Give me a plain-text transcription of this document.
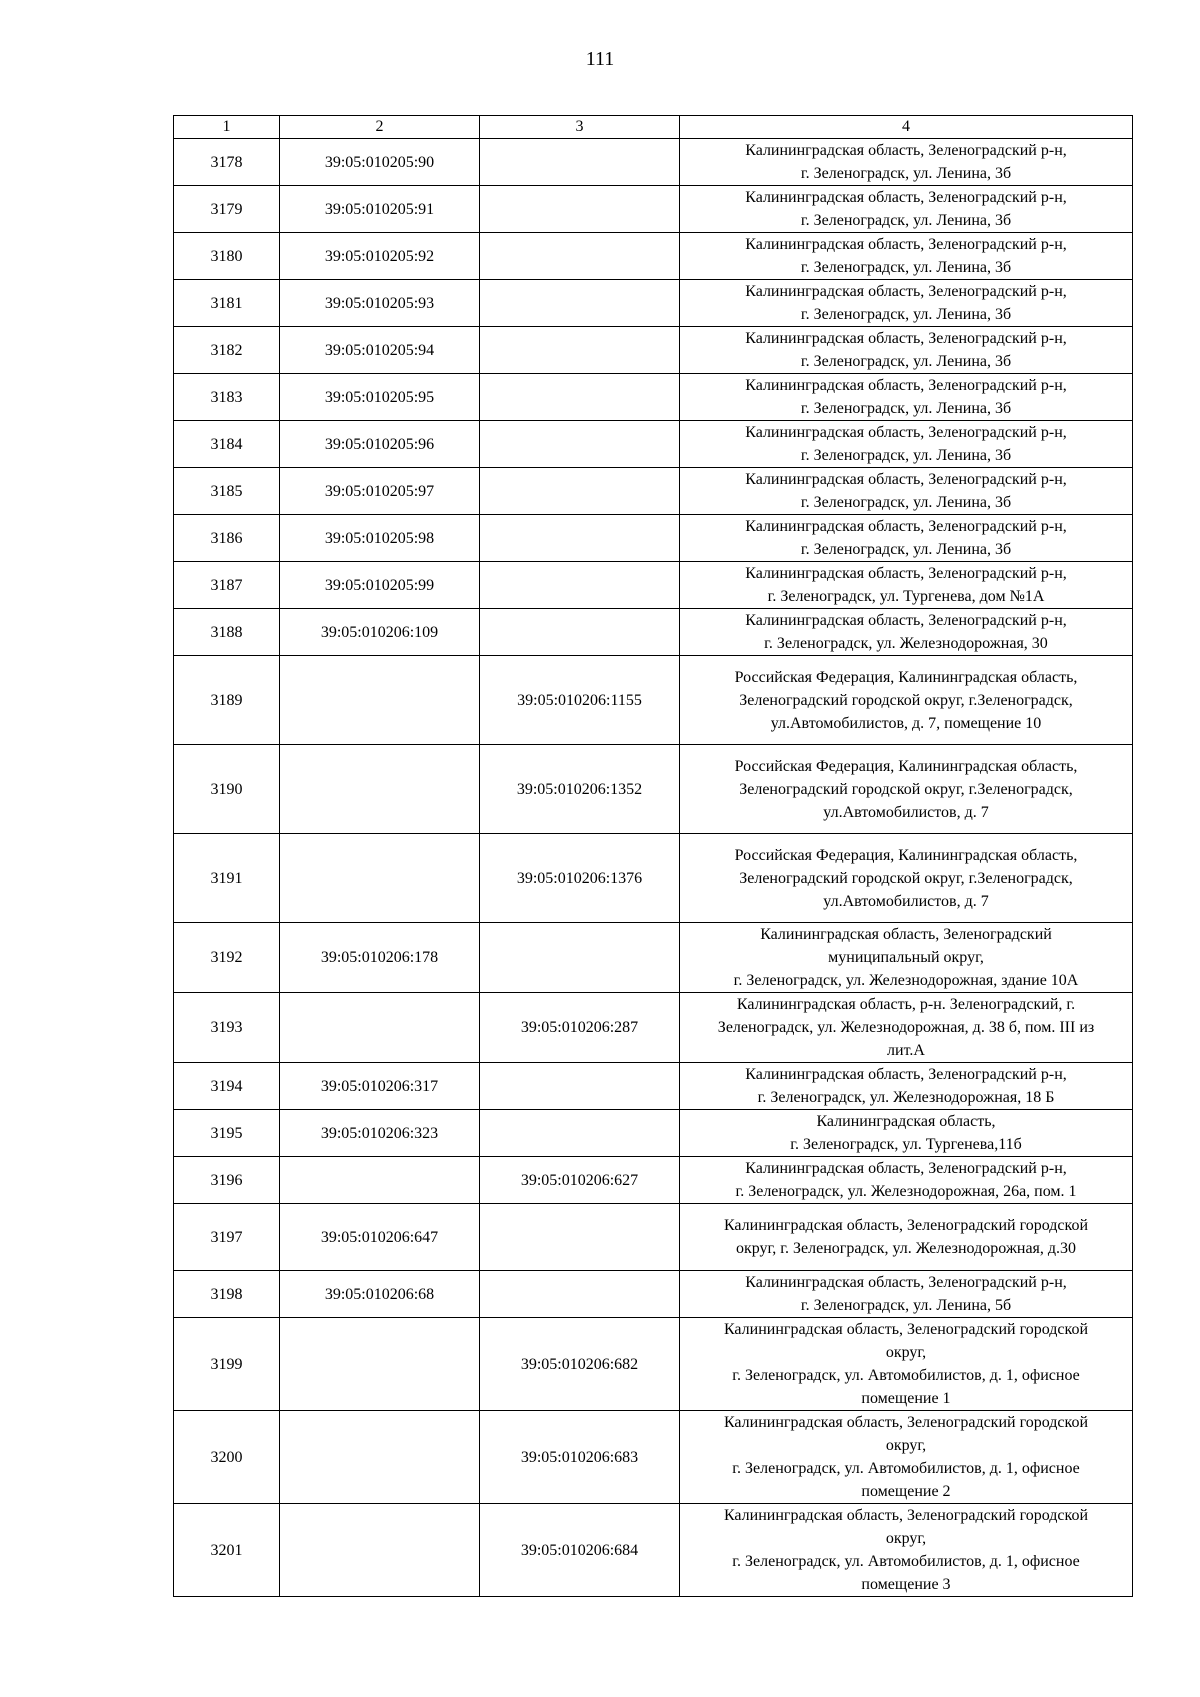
111
1	2	3	4
3178	39:05:010205:90		Калининградская область, Зеленоградский р-н,
г. Зеленоградск, ул. Ленина, 3б

3179	39:05:010205:91		Калининградская область, Зеленоградский р-н,
г. Зеленоградск, ул. Ленина, 3б

3180	39:05:010205:92		Калининградская область, Зеленоградский р-н,
г. Зеленоградск, ул. Ленина, 3б

3181	39:05:010205:93		Калининградская область, Зеленоградский р-н,
г. Зеленоградск, ул. Ленина, 3б

3182	39:05:010205:94		Калининградская область, Зеленоградский р-н,
г. Зеленоградск, ул. Ленина, 3б

3183	39:05:010205:95		Калининградская область, Зеленоградский р-н,
г. Зеленоградск, ул. Ленина, 3б

3184	39:05:010205:96		Калининградская область, Зеленоградский р-н,
г. Зеленоградск, ул. Ленина, 3б

3185	39:05:010205:97		Калининградская область, Зеленоградский р-н,
г. Зеленоградск, ул. Ленина, 3б

3186	39:05:010205:98		Калининградская область, Зеленоградский р-н,
г. Зеленоградск, ул. Ленина, 3б

3187	39:05:010205:99		Калининградская область, Зеленоградский р-н,
г. Зеленоградск, ул. Тургенева, дом №1А

3188	39:05:010206:109		Калининградская область, Зеленоградский р-н,
г. Зеленоградск, ул. Железнодорожная, 30

3189		39:05:010206:1155	Российская Федерация, Калининградская область,
Зеленоградский городской округ, г.Зеленоградск,
ул.Автомобилистов, д. 7, помещение 10

3190		39:05:010206:1352	Российская Федерация, Калининградская область,
Зеленоградский городской округ, г.Зеленоградск,
ул.Автомобилистов, д. 7

3191		39:05:010206:1376	Российская Федерация, Калининградская область,
Зеленоградский городской округ, г.Зеленоградск,
ул.Автомобилистов, д. 7

3192	39:05:010206:178		Калининградская область, Зеленоградский
муниципальный округ,
г. Зеленоградск, ул. Железнодорожная, здание 10А

3193		39:05:010206:287	Калининградская область, р-н. Зеленоградский, г.
Зеленоградск, ул. Железнодорожная, д. 38 б, пом. III из
лит.А

3194	39:05:010206:317		Калининградская область, Зеленоградский р-н,
г. Зеленоградск, ул. Железнодорожная, 18 Б

3195	39:05:010206:323		Калининградская область,
г. Зеленоградск, ул. Тургенева,11б

3196		39:05:010206:627	Калининградская область, Зеленоградский р-н,
г. Зеленоградск, ул. Железнодорожная, 26а, пом. 1

3197	39:05:010206:647		Калининградская область, Зеленоградский городской
округ, г. Зеленоградск, ул. Железнодорожная, д.30

3198	39:05:010206:68		Калининградская область, Зеленоградский р-н,
г. Зеленоградск, ул. Ленина, 5б

3199		39:05:010206:682	Калининградская область, Зеленоградский городской
округ,
г. Зеленоградск, ул. Автомобилистов, д. 1, офисное
помещение 1

3200		39:05:010206:683	Калининградская область, Зеленоградский городской
округ,
г. Зеленоградск, ул. Автомобилистов, д. 1, офисное
помещение 2

3201		39:05:010206:684	Калининградская область, Зеленоградский городской
округ,
г. Зеленоградск, ул. Автомобилистов, д. 1, офисное
помещение 3
